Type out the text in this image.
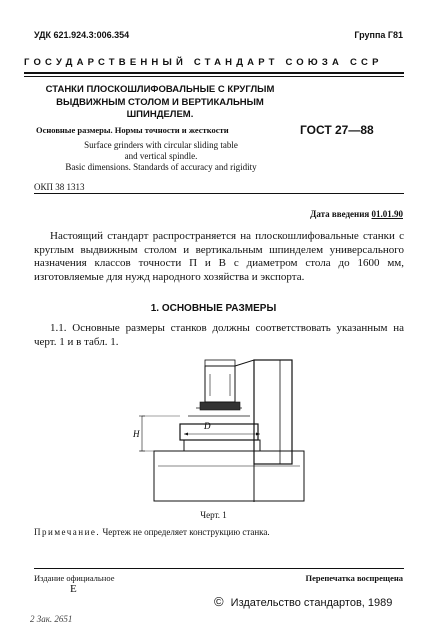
УДК 621.924.3:006.354	Группа Г81
ГОСУДАРСТВЕННЫЙ СТАНДАРТ СОЮЗА ССР
СТАНКИ ПЛОСКОШЛИФОВАЛЬНЫЕ С КРУГЛЫМ ВЫДВИЖНЫМ СТОЛОМ И ВЕРТИКАЛЬНЫМ ШПИНДЕЛЕМ.
Основные размеры. Нормы точности и жесткости	ГОСТ 27—88
Surface grinders with circular sliding table
and vertical spindle.
Basic dimensions. Standards of accuracy and rigidity
ОКП 38 1313
Дата введения 01.01.90
Настоящий стандарт распространяется на плоскошлифовальные станки с круглым выдвижным столом и вертикальным шпинделем универсального назначения классов точности П и В с диаметром стола до 1600 мм, изготовляемые для нужд народного хозяйства и экспорта.
1. ОСНОВНЫЕ РАЗМЕРЫ
1.1. Основные размеры станков должны соответствовать указанным на черт. 1 и в табл. 1.
H
D
Черт. 1
Примечание. Чертеж не определяет конструкцию станка.
Издание официальное
Е
Перепечатка воспрещена
© Издательство стандартов, 1989
2 Зак. 2651
